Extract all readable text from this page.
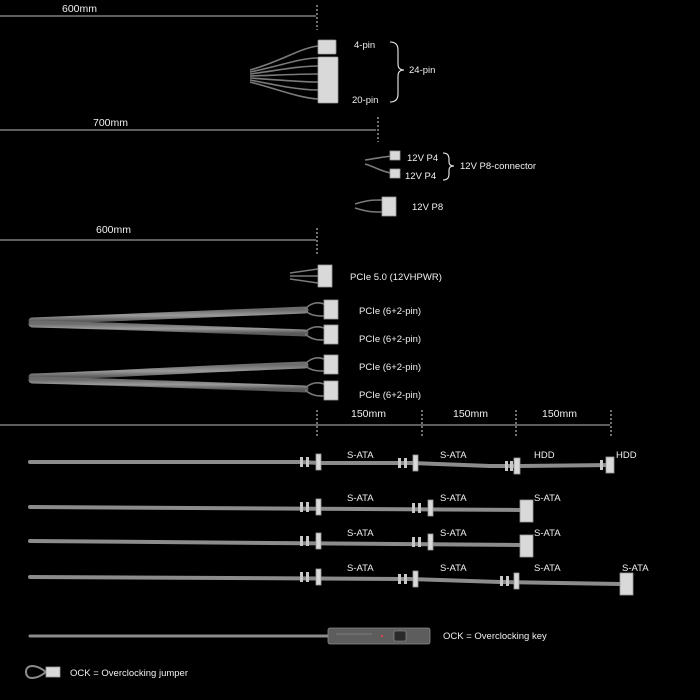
600mm
4-pin
20-pin
24-pin
700mm
12V P4
12V P4
12V P8-connector
12V P8
600mm
PCIe 5.0 (12VHPWR)
PCIe (6+2-pin)
PCIe (6+2-pin)
PCIe (6+2-pin)
PCIe (6+2-pin)
150mm	150mm	150mm
S-ATA	S-ATA	HDD	HDD
S-ATA	S-ATA	S-ATA
S-ATA	S-ATA	S-ATA
S-ATA	S-ATA	S-ATA	S-ATA
OCK = Overclocking key
OCK = Overclocking jumper
